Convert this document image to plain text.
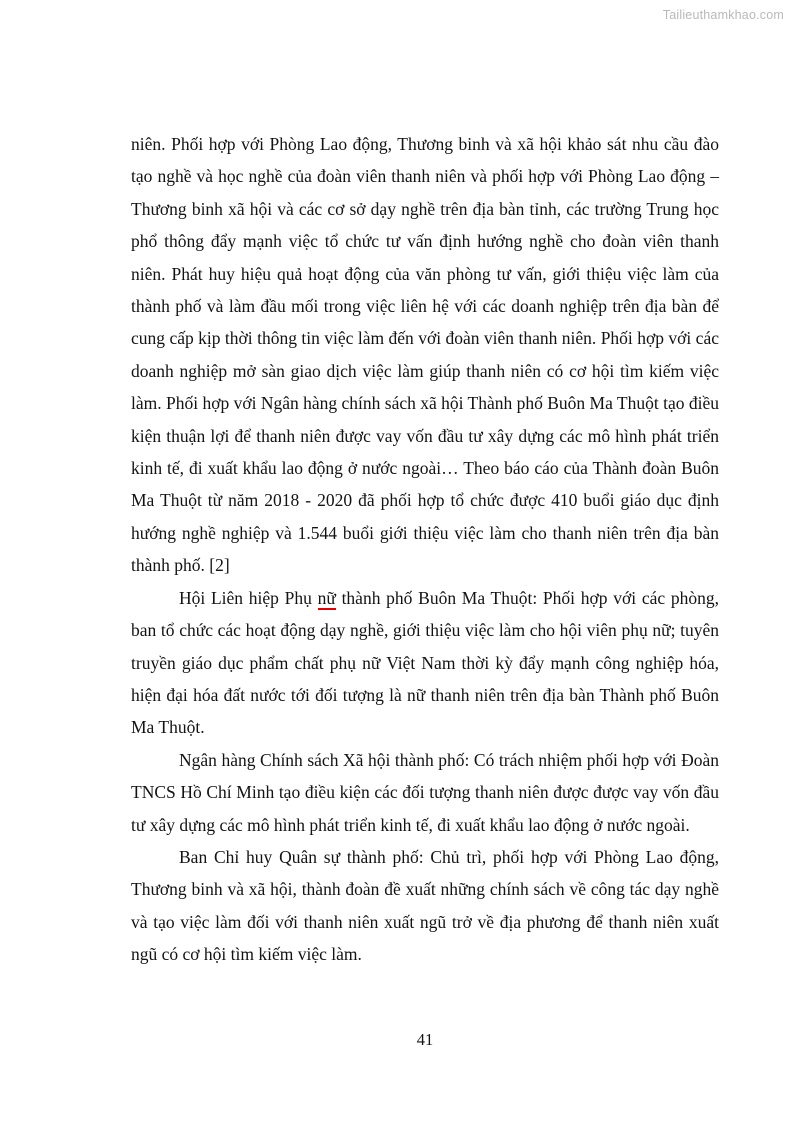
Tailieuthamkhao.com

niên. Phối hợp với Phòng Lao động, Thương binh và xã hội khảo sát nhu cầu đào tạo nghề và học nghề của đoàn viên thanh niên và phối hợp với Phòng Lao động – Thương binh xã hội và các cơ sở dạy nghề trên địa bàn tỉnh, các trường Trung học phổ thông đẩy mạnh việc tổ chức tư vấn định hướng nghề cho đoàn viên thanh niên. Phát huy hiệu quả hoạt động của văn phòng tư vấn, giới thiệu việc làm của thành phố và làm đầu mối trong việc liên hệ với các doanh nghiệp trên địa bàn để cung cấp kịp thời thông tin việc làm đến với đoàn viên thanh niên. Phối hợp với các doanh nghiệp mở sàn giao dịch việc làm giúp thanh niên có cơ hội tìm kiếm việc làm. Phối hợp với Ngân hàng chính sách xã hội Thành phố Buôn Ma Thuột tạo điều kiện thuận lợi để thanh niên được vay vốn đầu tư xây dựng các mô hình phát triển kinh tế, đi xuất khẩu lao động ở nước ngoài… Theo báo cáo của Thành đoàn Buôn Ma Thuột từ năm 2018 - 2020 đã phối hợp tổ chức được 410 buổi giáo dục định hướng nghề nghiệp và 1.544 buổi giới thiệu việc làm cho thanh niên trên địa bàn thành phố. [2]

Hội Liên hiệp Phụ nữ thành phố Buôn Ma Thuột: Phối hợp với các phòng, ban tổ chức các hoạt động dạy nghề, giới thiệu việc làm cho hội viên phụ nữ; tuyên truyền giáo dục phẩm chất phụ nữ Việt Nam thời kỳ đẩy mạnh công nghiệp hóa, hiện đại hóa đất nước tới đối tượng là nữ thanh niên trên địa bàn Thành phố Buôn Ma Thuột.

Ngân hàng Chính sách Xã hội thành phố: Có trách nhiệm phối hợp với Đoàn TNCS Hồ Chí Minh tạo điều kiện các đối tượng thanh niên được được vay vốn đầu tư xây dựng các mô hình phát triển kinh tế, đi xuất khẩu lao động ở nước ngoài.

Ban Chỉ huy Quân sự thành phố: Chủ trì, phối hợp với Phòng Lao động, Thương binh và xã hội, thành đoàn đề xuất những chính sách về công tác dạy nghề và tạo việc làm đối với thanh niên xuất ngũ trở về địa phương để thanh niên xuất ngũ có cơ hội tìm kiếm việc làm.

41
